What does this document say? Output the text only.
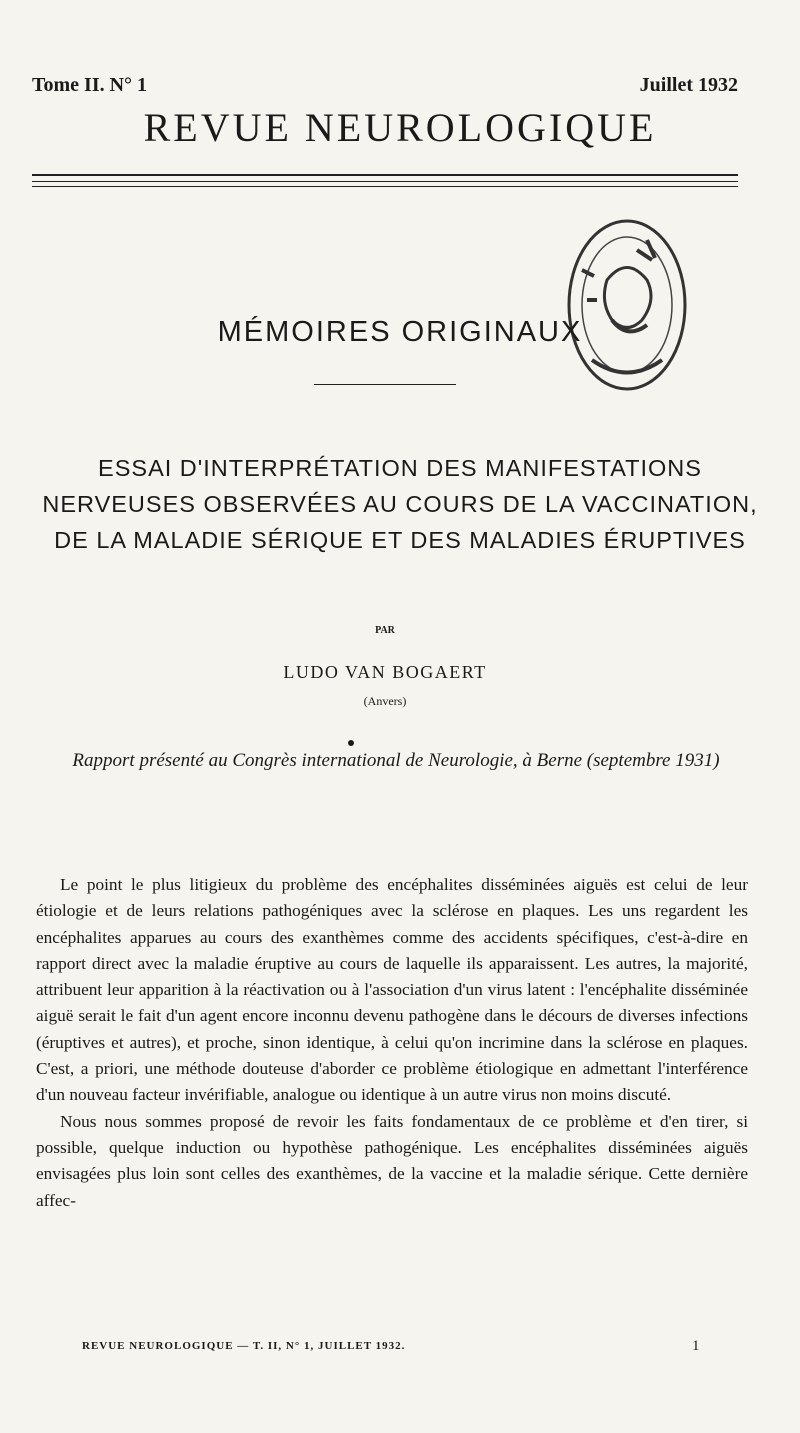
Tome II. N° 1	Juillet 1932
REVUE NEUROLOGIQUE
MÉMOIRES ORIGINAUX
ESSAI D'INTERPRÉTATION DES MANIFESTATIONS NERVEUSES OBSERVÉES AU COURS DE LA VACCINATION, DE LA MALADIE SÉRIQUE ET DES MALADIES ÉRUPTIVES
PAR
LUDO VAN BOGAERT
(Anvers)
Rapport présenté au Congrès international de Neurologie, à Berne (septembre 1931)

Le point le plus litigieux du problème des encéphalites disséminées aiguës est celui de leur étiologie et de leurs relations pathogéniques avec la sclérose en plaques. Les uns regardent les encéphalites apparues au cours des exanthèmes comme des accidents spécifiques, c'est-à-dire en rapport direct avec la maladie éruptive au cours de laquelle ils apparaissent. Les autres, la majorité, attribuent leur apparition à la réactivation ou à l'association d'un virus latent : l'encéphalite disséminée aiguë serait le fait d'un agent encore inconnu devenu pathogène dans le décours de diverses infections (éruptives et autres), et proche, sinon identique, à celui qu'on incrimine dans la sclérose en plaques. C'est, a priori, une méthode douteuse d'aborder ce problème étiologique en admettant l'interférence d'un nouveau facteur invérifiable, analogue ou identique à un autre virus non moins discuté.

Nous nous sommes proposé de revoir les faits fondamentaux de ce problème et d'en tirer, si possible, quelque induction ou hypothèse pathogénique. Les encéphalites disséminées aiguës envisagées plus loin sont celles des exanthèmes, de la vaccine et la maladie sérique. Cette dernière affec-

REVUE NEUROLOGIQUE — T. II, N° 1, JUILLET 1932.	1
